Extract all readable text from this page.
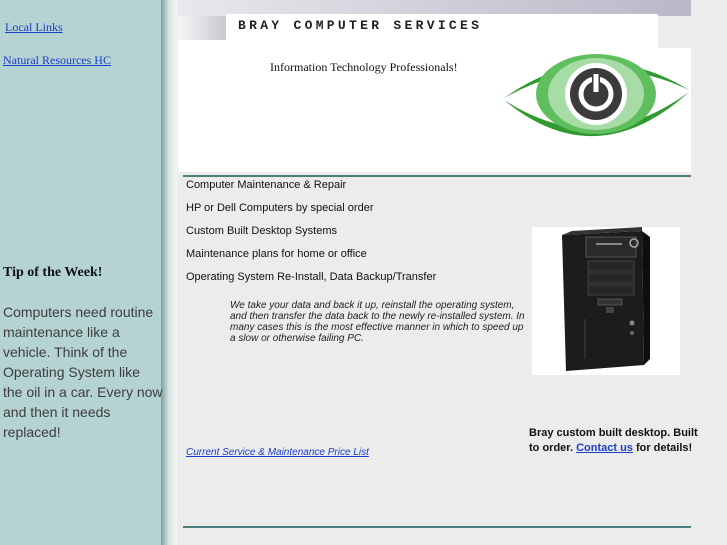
Local Links
Natural Resources HC
Tip of the Week!
Computers need routine maintenance like a vehicle. Think of the Operating System like the oil in a car. Every now and then it needs replaced!
BRAY COMPUTER SERVICES
Information Technology Professionals!
Computer Maintenance & Repair
HP or Dell Computers by special order
Custom Built Desktop Systems
Maintenance plans for home or office
Operating System Re-Install, Data Backup/Transfer
We take your data and back it up, reinstall the operating system, and then transfer the data back to the newly re-installed system. In many cases this is the most effective manner in which to speed up a slow or otherwise failing PC.
Bray custom built desktop. Built to order. Contact us for details!
Current Service & Maintenance Price List
